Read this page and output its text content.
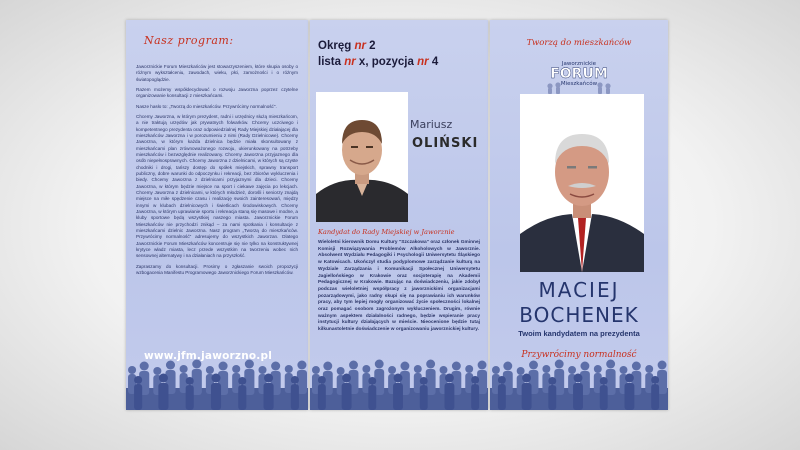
Nasz program:

Jaworznickie Forum Mieszkańców jest stowarzyszeniem, które skupia osoby o różnym wykształceniu, zawodach, wieku, płci, zamożności i o różnym światopoglądzie.

Razem możemy współdecydować o rozwoju Jaworzna poprzez czytelne organizowanie konsultacji z mieszkańcami.

Nasze hasło to: „Tworzą do mieszkańców. Przywrócimy normalność".

Chcemy Jaworzna, w którym prezydent, radni i urzędnicy służą mieszkańcom, a nie traktują urzędów jak prywatnych folwarków. Chcemy uczciwego i kompetentnego prezydenta oraz odpowiedzialnej Rady Miejskiej działającej dla mieszkańców Jaworzna i w porozumieniu z nimi (Rady Dzielnicowe). Chcemy Jaworzna, w którym każda dzielnica będzie miała skonsultowany z mieszkańcami plan zrównoważonego rozwoju, ukierunkowany na potrzeby mieszkańców i bezwzględnie realizowany. Chcemy Jaworzna przyjaznego dla osób niepełnosprawnych. Chcemy Jaworzna z dzielnicami, w których są czyste chodniki i drogi, tańszy dostęp do spółek miejskich, sprawny transport publiczny, dobre warunki do odpoczynku i rekreacji, bez zbiorów wykluczenia i biedy. Chcemy Jaworzna z dzielnicami przyjaznymi dla dzieci. Chcemy Jaworzna, w którym będzie miejsce na sport i ciekawe zajęcia po lekcjach. Chcemy Jaworzna z dzielnicami, w których młodzież, dorośli i seniorzy znajdą miejsce na miłe spędzenie czasu i realizację swoich zainteresowań, między innymi w klubach dzielnicowych i świetlicach środowiskowych. Chcemy Jaworzna, w którym uprawianie sportu i rekreacja staną się masowe i modne, a kluby sportowe będą wszystkiej naszego miasta. Jaworznickie Forum Mieszkańców nie przychodzi znikąd – za nami spotkania i konsultacje z mieszkańcami dzielnic Jaworzna. Nasz program „Tworzą do mieszkańców. Przywrócimy normalność" adresujemy do wszystkich Jaworzan. Dlatego Jaworznickie Forum Mieszkańców koncentruje się nie tylko na konstruktywnej krytyce władz miasta, lecz przede wszystkim na tworzeniu wobec nich sensownej alternatywy i na działaniach na przyszłość.

Zapraszamy do konsultacji. Prosimy o zgłaszanie swoich propozycji wzbogacenia Manifestu Programowego Jaworznickiego Forum Mieszkańców.

www.jfm.jaworzno.pl
Okręg nr 2
lista nr x, pozycja nr 4
Mariusz
OLIŃSKI
Kandydat do Rady Miejskiej w Jaworznie
Wieloletni kierownik Domu Kultury "Szczakowa" oraz członek Gminnej Komisji Rozwiązywania Problemów Alkoholowych w Jaworznie. Absolwent Wydziału Pedagogiki i Psychologii Uniwersytetu Śląskiego w Katowicach. Ukończył studia podyplomowe zarządzanie kulturą na Wydziale Zarządzania i Komunikacji Społecznej Uniwersytetu Jagiellońskiego w Krakowie oraz socjoterapię na Akademii Pedagogicznej w Krakowie. Bazując na doświadczeniu, jakie zdobył podczas wieloletniej współpracy z jaworznickimi organizacjami pozarządowymi, jako radny skupi się na poprawianiu ich warunków pracy, aby tym lepiej mogły organizować życie społeczności lokalnej oraz pomagać osobom zagrożonym wykluczeniem. Drugim, równie ważnym aspektem działalności radnego, będzie wspieranie pracy instytucji kultury działających w mieście. Nieocenione będzie tutaj kilkunastoletnie doświadczenie w organizowaniu jaworznickiej kultury.
Tworzą do mieszkańców
Jaworznickie
FORUM
Mieszkańców
MACIEJ
BOCHENEK
Twoim kandydatem na prezydenta
Przywrócimy normalność
